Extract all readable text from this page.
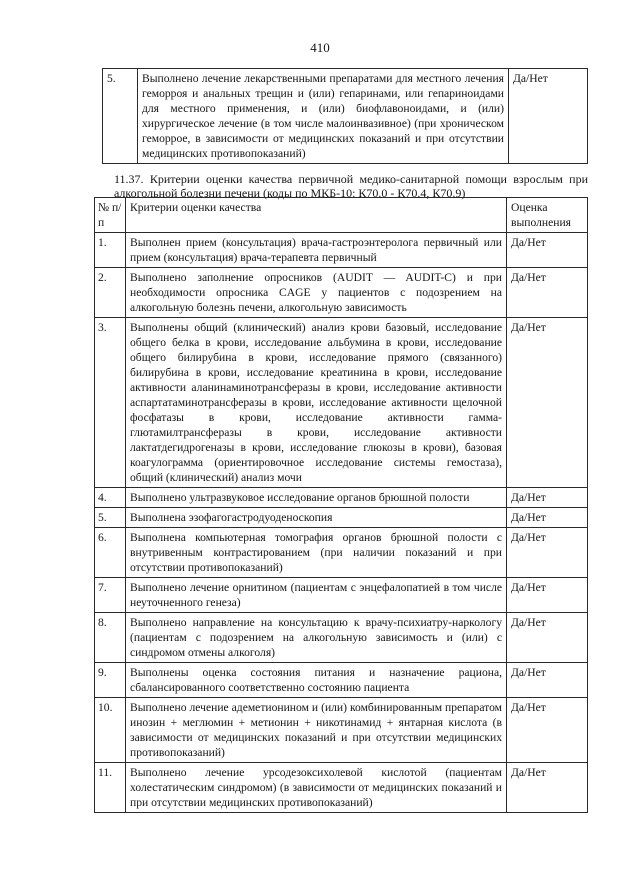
410
5.	Выполнено лечение лекарственными препаратами для местного лечения геморроя и анальных трещин и (или) гепаринами, или гепариноидами для местного применения, и (или) биофлавоноидами, и (или) хирургическое лечение (в том числе малоинвазивное) (при хроническом геморрое, в зависимости от медицинских показаний и при отсутствии медицинских противопоказаний)	Да/Нет
11.37. Критерии оценки качества первичной медико-санитарной помощи взрослым при алкогольной болезни печени (коды по МКБ-10: К70.0 - К70.4, К70.9)
№ п/п	Критерии оценки качества	Оценка выполнения
1.	Выполнен прием (консультация) врача-гастроэнтеролога первичный или прием (консультация) врача-терапевта первичный	Да/Нет
2.	Выполнено заполнение опросников (AUDIT — AUDIT-C) и при необходимости опросника CAGE у пациентов с подозрением на алкогольную болезнь печени, алкогольную зависимость	Да/Нет
3.	Выполнены общий (клинический) анализ крови базовый, исследование общего белка в крови, исследование альбумина в крови, исследование общего билирубина в крови, исследование прямого (связанного) билирубина в крови, исследование креатинина в крови, исследование активности аланинаминотрансферазы в крови, исследование активности аспартатаминотрансферазы в крови, исследование активности щелочной фосфатазы в крови, исследование активности гамма-глютамилтрансферазы в крови, исследование активности лактатдегидрогеназы в крови, исследование глюкозы в крови), базовая коагулограмма (ориентировочное исследование системы гемостаза), общий (клинический) анализ мочи	Да/Нет
4.	Выполнено ультразвуковое исследование органов брюшной полости	Да/Нет
5.	Выполнена эзофагогастродуоденоскопия	Да/Нет
6.	Выполнена компьютерная томография органов брюшной полости с внутривенным контрастированием (при наличии показаний и при отсутствии противопоказаний)	Да/Нет
7.	Выполнено лечение орнитином (пациентам с энцефалопатией в том числе неуточненного генеза)	Да/Нет
8.	Выполнено направление на консультацию к врачу-психиатру-наркологу (пациентам с подозрением на алкогольную зависимость и (или) с синдромом отмены алкоголя)	Да/Нет
9.	Выполнены оценка состояния питания и назначение рациона, сбалансированного соответственно состоянию пациента	Да/Нет
10.	Выполнено лечение адеметионином и (или) комбинированным препаратом инозин + меглюмин + метионин + никотинамид + янтарная кислота (в зависимости от медицинских показаний и при отсутствии медицинских противопоказаний)	Да/Нет
11.	Выполнено лечение урсодезоксихолевой кислотой (пациентам холестатическим синдромом) (в зависимости от медицинских показаний и при отсутствии медицинских противопоказаний)	Да/Нет
